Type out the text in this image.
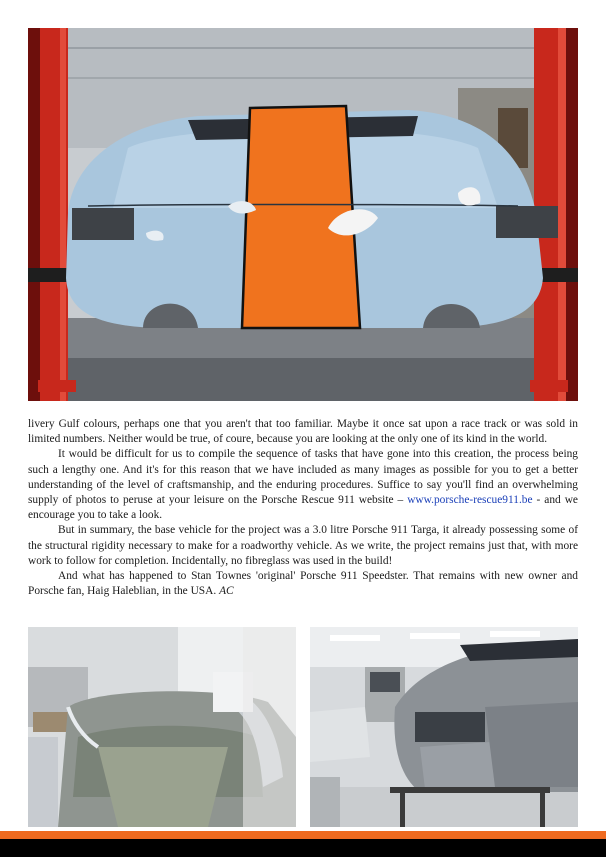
livery Gulf colours, perhaps one that you aren't that too familiar. Maybe it once sat upon a race track or was sold in limited numbers. Neither would be true, of coure, because you are looking at the only one of its kind in the world.

It would be difficult for us to compile the sequence of tasks that have gone into this creation, the process being such a lengthy one. And it's for this reason that we have included as many images as possible for you to get a better understanding of the level of craftsmanship, and the enduring procedures. Suffice to say you'll find an overwhelming supply of photos to peruse at your leisure on the Porsche Rescue 911 website – www.porsche-rescue911.be - and we encourage you to take a look.

But in summary, the base vehicle for the project was a 3.0 litre Porsche 911 Targa, it already possessing some of the structural rigidity necessary to make for a roadworthy vehicle. As we write, the project remains just that, with more work to follow for completion. Incidentally, no fibreglass was used in the build!

And what has happened to Stan Townes 'original' Porsche 911 Speedster. That remains with new owner and Porsche fan, Haig Haleblian, in the USA. AC
